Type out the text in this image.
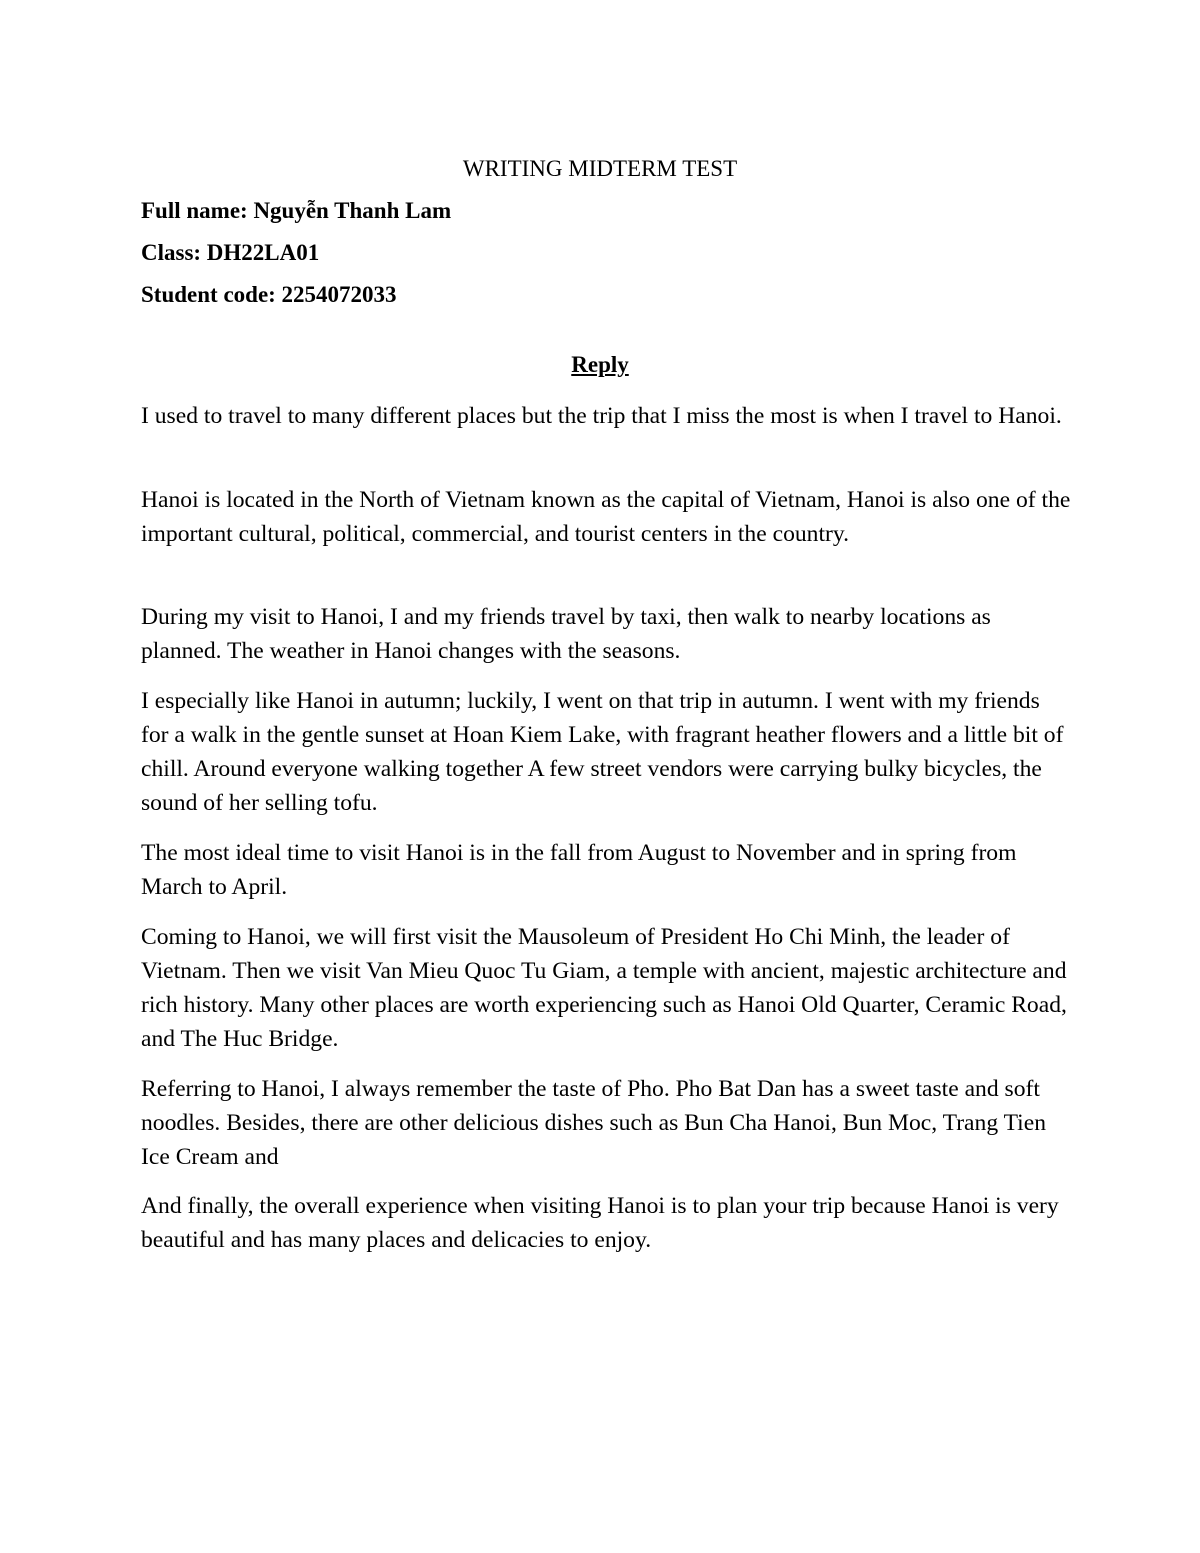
WRITING MIDTERM TEST

Full name: Nguyễn Thanh Lam

Class: DH22LA01

Student code: 2254072033

Reply

I used to travel to many different places but the trip that I miss the most is when I travel to Hanoi.

Hanoi is located in the North of Vietnam known as the capital of Vietnam, Hanoi is also one of the important cultural, political, commercial, and tourist centers in the country.

During my visit to Hanoi, I and my friends travel by taxi, then walk to nearby locations as planned. The weather in Hanoi changes with the seasons.

I especially like Hanoi in autumn; luckily, I went on that trip in autumn. I went with my friends for a walk in the gentle sunset at Hoan Kiem Lake, with fragrant heather flowers and a little bit of chill. Around everyone walking together A few street vendors were carrying bulky bicycles, the sound of her selling tofu.

The most ideal time to visit Hanoi is in the fall from August to November and in spring from March to April.

Coming to Hanoi, we will first visit the Mausoleum of President Ho Chi Minh, the leader of Vietnam. Then we visit Van Mieu Quoc Tu Giam, a temple with ancient, majestic architecture and rich history. Many other places are worth experiencing such as Hanoi Old Quarter, Ceramic Road, and The Huc Bridge.

Referring to Hanoi, I always remember the taste of Pho. Pho Bat Dan has a sweet taste and soft noodles. Besides, there are other delicious dishes such as Bun Cha Hanoi, Bun Moc, Trang Tien Ice Cream and

And finally, the overall experience when visiting Hanoi is to plan your trip because Hanoi is very beautiful and has many places and delicacies to enjoy.
